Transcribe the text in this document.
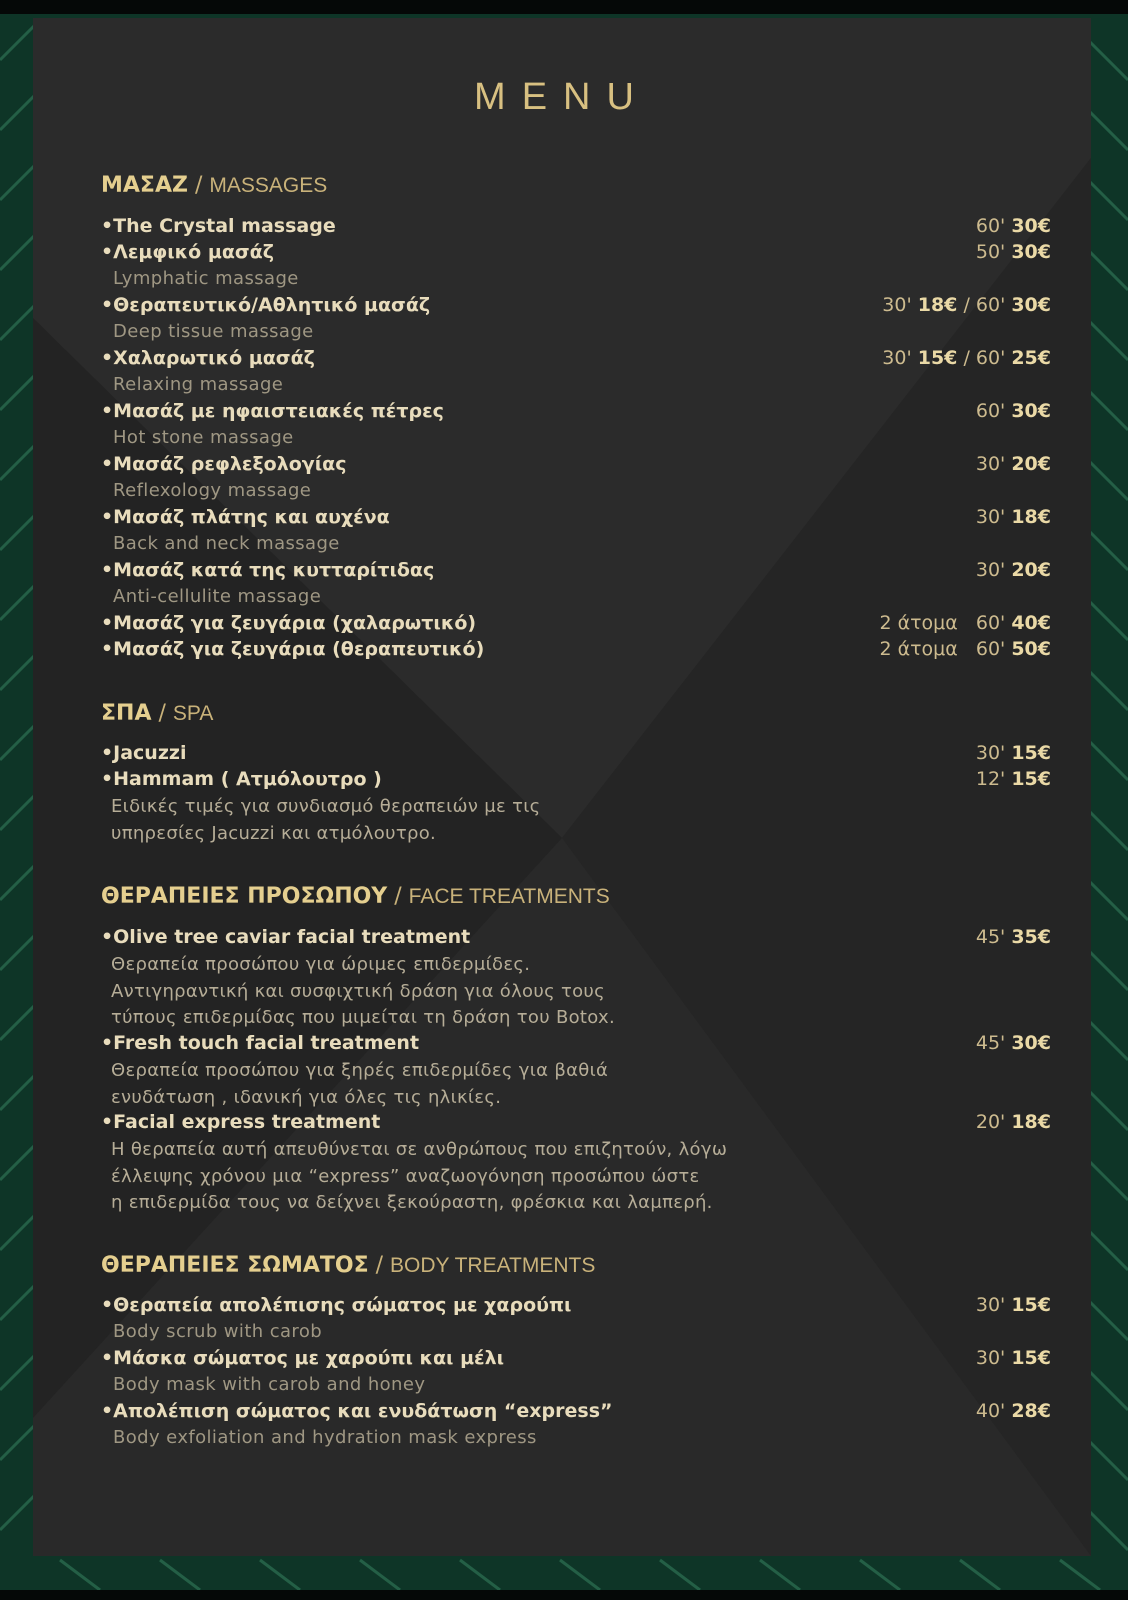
MENU
ΜΑΣΑΖ / MASSAGES
•The Crystal massage	60' 30€
•Λεμφικό μασάζ	50' 30€
Lymphatic massage
•Θεραπευτικό/Αθλητικό μασάζ	30' 18€ / 60' 30€
Deep tissue massage
•Χαλαρωτικό μασάζ	30' 15€ / 60' 25€
Relaxing massage
•Μασάζ με ηφαιστειακές πέτρες	60' 30€
Hot stone massage
•Μασάζ ρεφλεξολογίας	30' 20€
Reflexology massage
•Μασάζ πλάτης και αυχένα	30' 18€
Back and neck massage
•Μασάζ κατά της κυτταρίτιδας	30' 20€
Anti-cellulite massage
•Μασάζ για ζευγάρια (χαλαρωτικό)	2 άτομα   60' 40€
•Μασάζ για ζευγάρια (θεραπευτικό)	2 άτομα   60' 50€
ΣΠΑ / SPA
•Jacuzzi	30' 15€
•Hammam ( Ατμόλουτρο )	12' 15€
Ειδικές τιμές για συνδιασμό θεραπειών με τις
υπηρεσίες Jacuzzi και ατμόλουτρο.
ΘΕΡΑΠΕΙΕΣ ΠΡΟΣΩΠΟΥ / FACE TREATMENTS
•Olive tree caviar facial treatment	45' 35€
Θεραπεία προσώπου για ώριμες επιδερμίδες.
Αντιγηραντική και συσφιχτική δράση για όλους τους
τύπους επιδερμίδας που μιμείται τη δράση του Botox.
•Fresh touch facial treatment	45' 30€
Θεραπεία προσώπου για ξηρές επιδερμίδες για βαθιά
ενυδάτωση , ιδανική για όλες τις ηλικίες.
•Facial express treatment	20' 18€
Η θεραπεία αυτή απευθύνεται σε ανθρώπους που επιζητούν, λόγω
έλλειψης χρόνου μια “express” αναζωογόνηση προσώπου ώστε
η επιδερμίδα τους να δείχνει ξεκούραστη, φρέσκια και λαμπερή.
ΘΕΡΑΠΕΙΕΣ ΣΩΜΑΤΟΣ / BODY TREATMENTS
•Θεραπεία απολέπισης σώματος με χαρούπι	30' 15€
Body scrub with carob
•Μάσκα σώματος με χαρούπι και μέλι	30' 15€
Body mask with carob and honey
•Απολέπιση σώματος και ενυδάτωση “express”	40' 28€
Body exfoliation and hydration mask express
